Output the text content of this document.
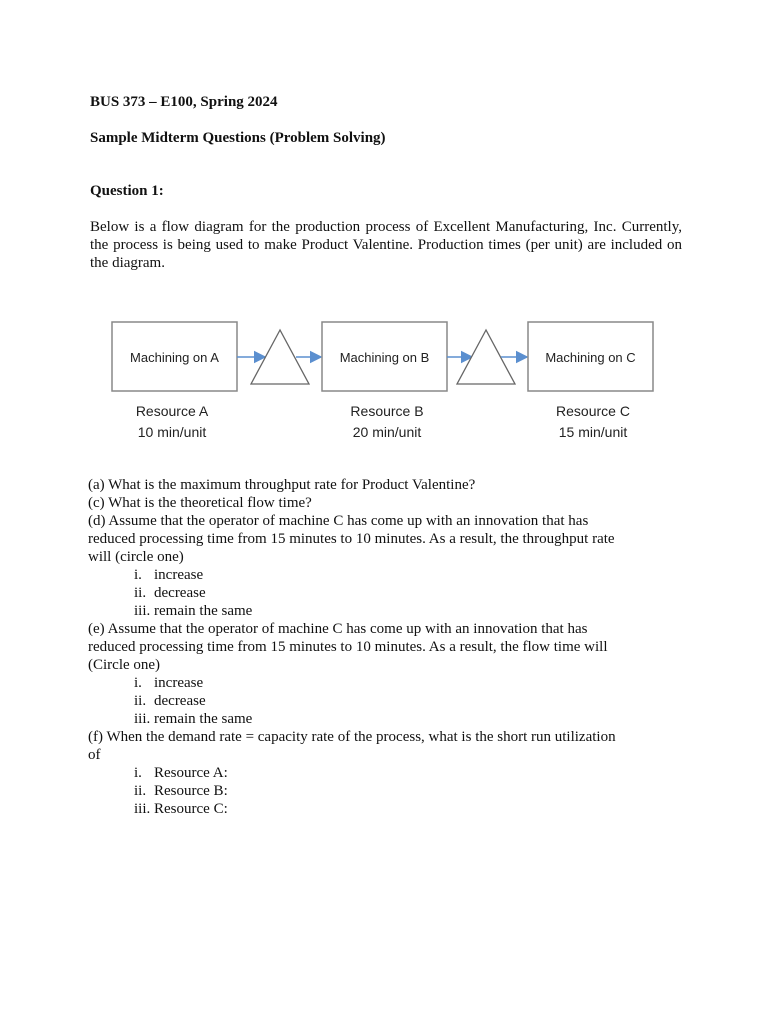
BUS 373 – E100, Spring 2024
Sample Midterm Questions (Problem Solving)
Question 1:
Below is a flow diagram for the production process of Excellent Manufacturing, Inc. Currently,
the process is being used to make Product Valentine. Production times (per unit) are included on
the diagram.
Machining on A	Machining on B	Machining on C
Resource A
10 min/unit
Resource B
20 min/unit
Resource C
15 min/unit
(a) What is the maximum throughput rate for Product Valentine?
(c) What is the theoretical flow time?
(d) Assume that the operator of machine C has come up with an innovation that has
reduced processing time from 15 minutes to 10 minutes. As a result, the throughput rate
will (circle one)
i. increase
ii. decrease
iii. remain the same
(e) Assume that the operator of machine C has come up with an innovation that has
reduced processing time from 15 minutes to 10 minutes. As a result, the flow time will
(Circle one)
i. increase
ii. decrease
iii. remain the same
(f) When the demand rate = capacity rate of the process, what is the short run utilization
of
i. Resource A:
ii. Resource B:
iii. Resource C:
